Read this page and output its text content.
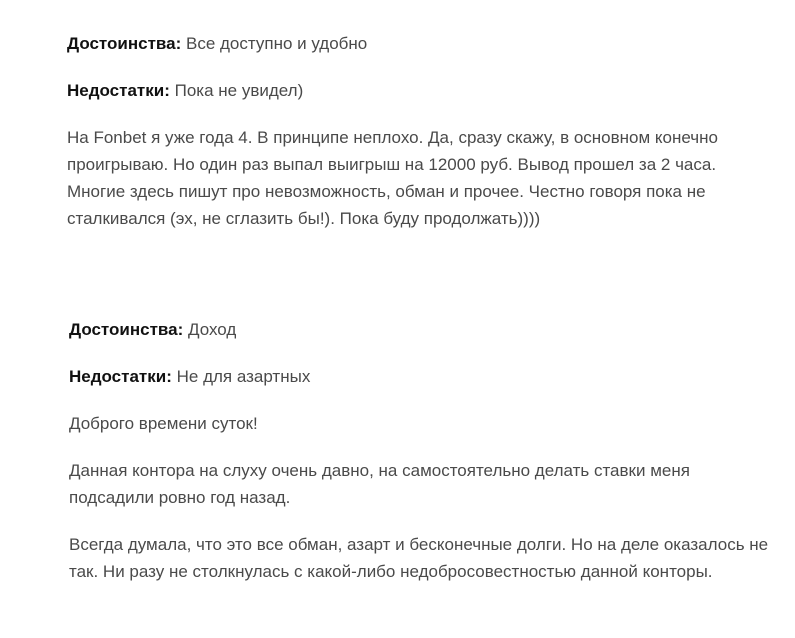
Достоинства: Все доступно и удобно
Недостатки: Пока не увидел)

На Fonbet я уже года 4. В принципе неплохо. Да, сразу скажу, в основном конечно проигрываю. Но один раз выпал выигрыш на 12000 руб. Вывод прошел за 2 часа. Многие здесь пишут про невозможность, обман и прочее. Честно говоря пока не сталкивался (эх, не сглазить бы!). Пока буду продолжать))))

Достоинства: Доход
Недостатки: Не для азартных

Доброго времени суток!

Данная контора на слуху очень давно, на самостоятельно делать ставки меня подсадили ровно год назад.

Всегда думала, что это все обман, азарт и бесконечные долги. Но на деле оказалось не так. Ни разу не столкнулась с какой-либо недобросовестностью данной конторы.
